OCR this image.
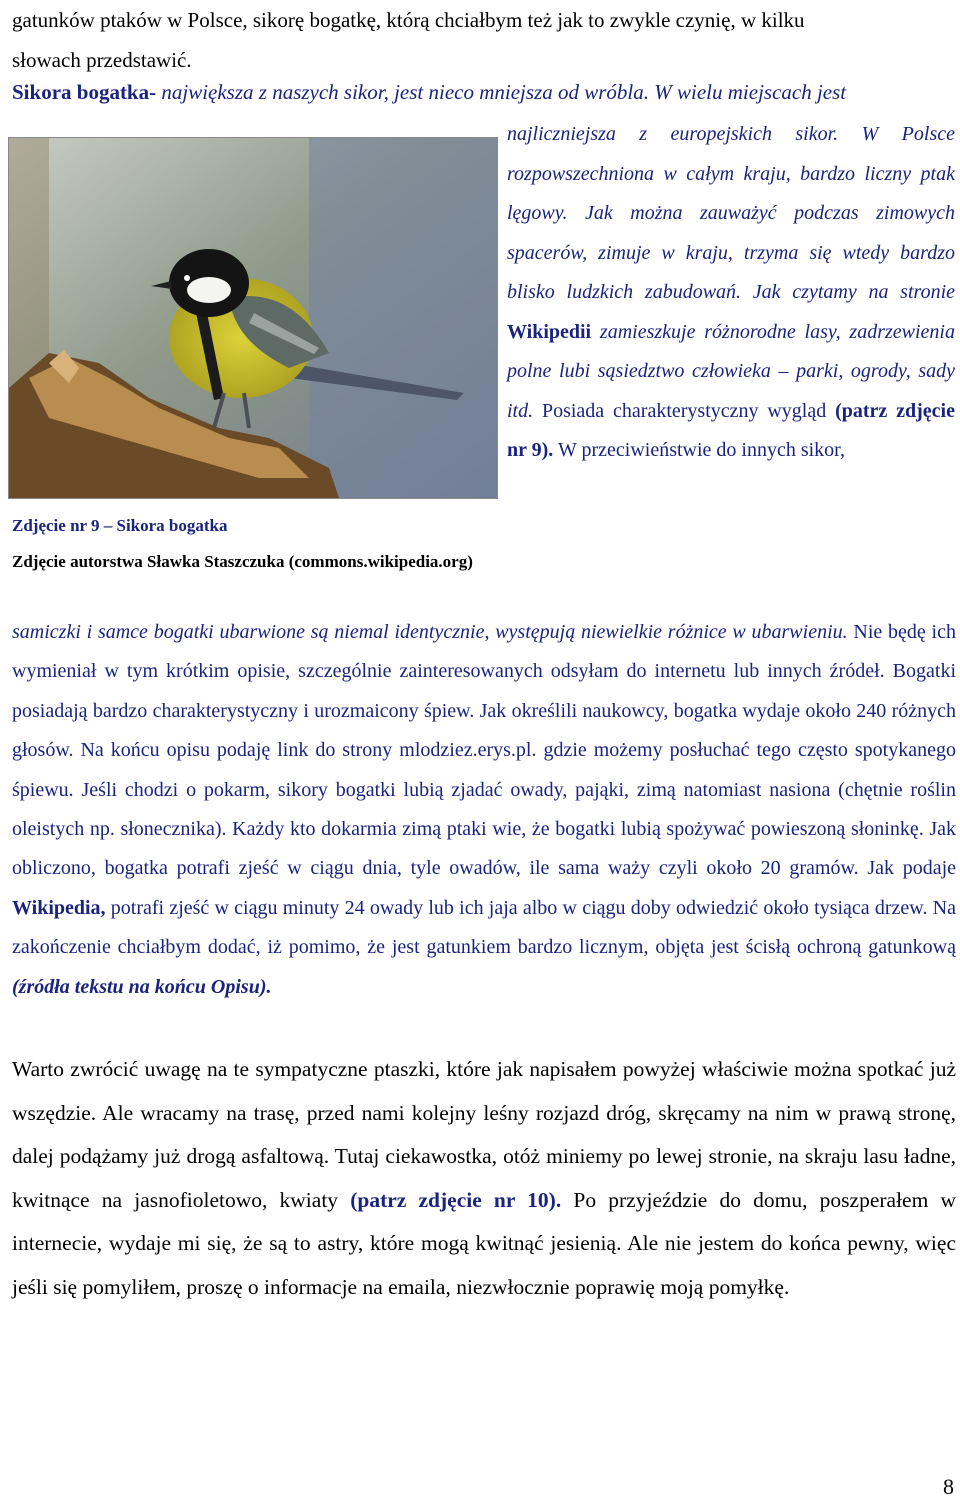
gatunków ptaków w Polsce, sikorę bogatkę, którą chciałbym też jak to zwykle czynię, w kilku
słowach przedstawić.
Sikora bogatka- największa z naszych sikor, jest nieco mniejsza od wróbla. W wielu miejscach jest
najliczniejsza z europejskich sikor. W Polsce rozpowszechniona w całym kraju, bardzo liczny ptak lęgowy. Jak można zauważyć podczas zimowych spacerów, zimuje w kraju, trzyma się wtedy bardzo blisko ludzkich zabudowań. Jak czytamy na stronie Wikipedii zamieszkuje różnorodne lasy, zadrzewienia polne lubi sąsiedztwo człowieka – parki, ogrody, sady itd. Posiada charakterystyczny wygląd (patrz zdjęcie nr 9). W przeciwieństwie do innych sikor,
Zdjęcie nr 9 – Sikora bogatka
Zdjęcie autorstwa Sławka Staszczuka (commons.wikipedia.org)
samiczki i samce bogatki ubarwione są niemal identycznie, występują niewielkie różnice w ubarwieniu. Nie będę ich wymieniał w tym krótkim opisie, szczególnie zainteresowanych odsyłam do internetu lub innych źródeł. Bogatki posiadają bardzo charakterystyczny i urozmaicony śpiew. Jak określili naukowcy, bogatka wydaje około 240 różnych głosów. Na końcu opisu podaję link do strony mlodziez.erys.pl. gdzie możemy posłuchać tego często spotykanego śpiewu. Jeśli chodzi o pokarm, sikory bogatki lubią zjadać owady, pająki, zimą natomiast nasiona (chętnie roślin oleistych np. słonecznika). Każdy kto dokarmia zimą ptaki wie, że bogatki lubią spożywać powieszoną słoninkę. Jak obliczono, bogatka potrafi zjeść w ciągu dnia, tyle owadów, ile sama waży czyli około 20 gramów. Jak podaje Wikipedia, potrafi zjeść w ciągu minuty 24 owady lub ich jaja albo w ciągu doby odwiedzić około tysiąca drzew. Na zakończenie chciałbym dodać, iż pomimo, że jest gatunkiem bardzo licznym, objęta jest ścisłą ochroną gatunkową (źródła tekstu na końcu Opisu).
Warto zwrócić uwagę na te sympatyczne ptaszki, które jak napisałem powyżej właściwie można spotkać już wszędzie. Ale wracamy na trasę, przed nami kolejny leśny rozjazd dróg, skręcamy na nim w prawą stronę, dalej podążamy już drogą asfaltową. Tutaj ciekawostka, otóż miniemy po lewej stronie, na skraju lasu ładne, kwitnące na jasnofioletowo, kwiaty (patrz zdjęcie nr 10). Po przyjeździe do domu, poszperałem w internecie, wydaje mi się, że są to astry, które mogą kwitnąć jesienią. Ale nie jestem do końca pewny, więc jeśli się pomyliłem, proszę o informacje na emaila, niezwłocznie poprawię moją pomyłkę.
8
